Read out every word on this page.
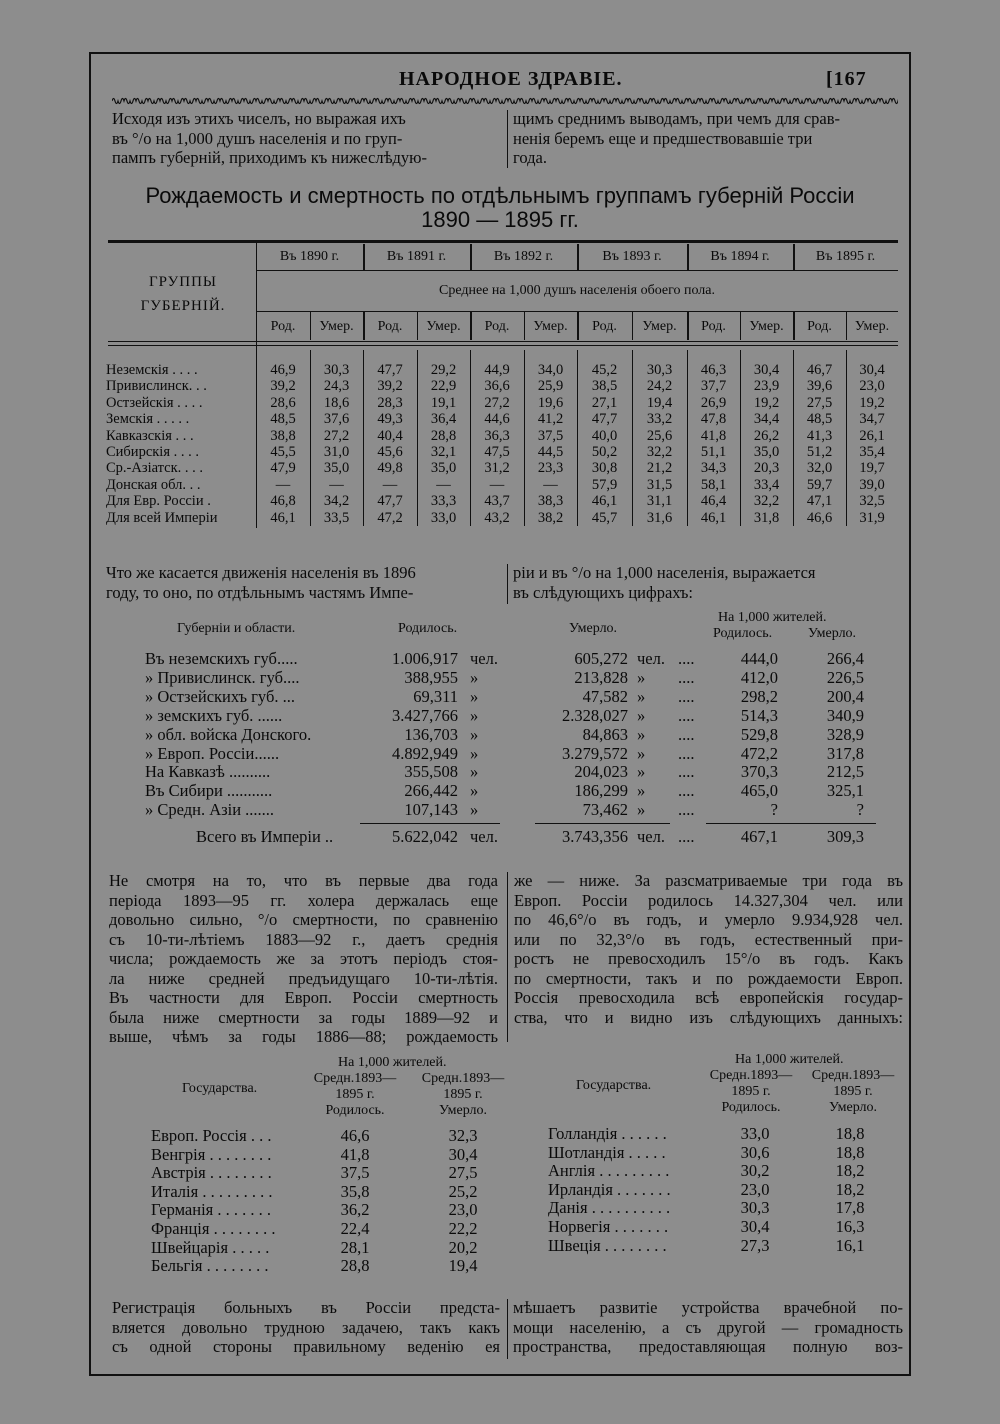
НАРОДНОЕ ЗДРАВІЕ.	[167

Исходя изъ этихъ чиселъ, но выражая ихъ

въ °/о на 1,000 душъ населенія и по груп-

пампъ губерній, приходимъ къ нижеслѣдую-

щимъ среднимъ выводамъ, при чемъ для срав-

ненія беремъ еще и предшествовавшіе три

года.

Рождаемость и смертность по отдѣльнымъ группамъ губерній Россіи
1890 — 1895 гг.
ГРУППЫ
ГУБЕРНІЙ.
Среднее на 1,000 душъ населенія обоего пола.
Въ 1890 г.
Род.	Умер.
Въ 1891 г.
Род.	Умер.
Въ 1892 г.
Род.	Умер.
Въ 1893 г.
Род.	Умер.
Въ 1894 г.
Род.	Умер.
Въ 1895 г.
Род.	Умер.
Неземскія . . . .	46,9	30,3	47,7	29,2	44,9	34,0	45,2	30,3	46,3	30,4	46,7	30,4
Привислинск. . .	39,2	24,3	39,2	22,9	36,6	25,9	38,5	24,2	37,7	23,9	39,6	23,0
Остзейскія . . . .	28,6	18,6	28,3	19,1	27,2	19,6	27,1	19,4	26,9	19,2	27,5	19,2
Земскія . . . . .	48,5	37,6	49,3	36,4	44,6	41,2	47,7	33,2	47,8	34,4	48,5	34,7
Кавказскія . . .	38,8	27,2	40,4	28,8	36,3	37,5	40,0	25,6	41,8	26,2	41,3	26,1
Сибирскія . . . .	45,5	31,0	45,6	32,1	47,5	44,5	50,2	32,2	51,1	35,0	51,2	35,4
Ср.-Азіатск. . . .	47,9	35,0	49,8	35,0	31,2	23,3	30,8	21,2	34,3	20,3	32,0	19,7
Донская обл. . .	—	—	—	—	—	—	57,9	31,5	58,1	33,4	59,7	39,0
Для Евр. Россіи .	46,8	34,2	47,7	33,3	43,7	38,3	46,1	31,1	46,4	32,2	47,1	32,5
Для всей Имперіи	46,1	33,5	47,2	33,0	43,2	38,2	45,7	31,6	46,1	31,8	46,6	31,9

Что же касается движенія населенія въ 1896

году, то оно, по отдѣльнымъ частямъ Импе-

ріи и въ °/о на 1,000 населенія, выражается

въ слѣдующихъ цифрахъ:

Губерніи и области.	Родилось.	Умерло.
На 1,000 жителей.
Родилось.	Умерло.
Въ неземскихъ губ.....	1.006,917 чел.	605,272 чел. ....	444,0	266,4
» Привислинск. губ....	388,955 »	213,828 » ....	412,0	226,5
» Остзейскихъ губ. ...	69,311 »	47,582 » ....	298,2	200,4
» земскихъ губ. ......	3.427,766 »	2.328,027 » ....	514,3	340,9
» обл. войска Донского.	136,703 »	84,863 » ....	529,8	328,9
» Европ. Россіи......	4.892,949 »	3.279,572 » ....	472,2	317,8
На Кавказѣ ..........	355,508 »	204,023 » ....	370,3	212,5
Въ Сибири ...........	266,442 »	186,299 » ....	465,0	325,1
» Средн. Азіи .......	107,143 »	73,462 » ....	?	?
Всего въ Имперіи ..	5.622,042 чел.	3.743,356 чел. ....	467,1	309,3

Не смотря на то, что въ первые два года

періода 1893—95 гг. холера держалась еще

довольно сильно, °/о смертности, по сравненію

съ 10-ти-лѣтіемъ 1883—92 г., даетъ среднія

числа; рождаемость же за этотъ періодъ стоя-

ла ниже средней предъидущаго 10-ти-лѣтія.

Въ частности для Европ. Россіи смертность

была ниже смертности за годы 1889—92 и

выше, чѣмъ за годы 1886—88; рождаемость

же — ниже. За разсматриваемые три года въ

Европ. Россіи родилось 14.327,304 чел. или

по 46,6°/о въ годъ, и умерло 9.934,928 чел.

или по 32,3°/о въ годъ, естественный при-

ростъ не превосходилъ 15°/о въ годъ. Какъ

по смертности, такъ и по рождаемости Европ.

Россія превосходила всѣ европейскія государ-

ства, что и видно изъ слѣдующихъ данныхъ:

Государства.
На 1,000 жителей.
Средн.1893—
1895 г.
Родилось.
Средн.1893—
1895 г.
Умерло.
Государства.
На 1,000 жителей.
Средн.1893—
1895 г.
Родилось.
Средн.1893—
1895 г.
Умерло.
Европ. Россія . . .	46,6	32,3
Венгрія . . . . . . . .	41,8	30,4
Австрія . . . . . . . .	37,5	27,5
Италія . . . . . . . . .	35,8	25,2
Германія . . . . . . .	36,2	23,0
Франція . . . . . . . .	22,4	22,2
Швейцарія . . . . .	28,1	20,2
Бельгія . . . . . . . .	28,8	19,4
Голландія . . . . . .	33,0	18,8
Шотландія . . . . .	30,6	18,8
Англія . . . . . . . . .	30,2	18,2
Ирландія . . . . . . .	23,0	18,2
Данія . . . . . . . . . .	30,3	17,8
Норвегія . . . . . . .	30,4	16,3
Швеція . . . . . . . .	27,3	16,1

Регистрація больныхъ въ Россіи предста-

вляется довольно трудною задачею, такъ какъ

съ одной стороны правильному веденію ея

мѣшаетъ развитіе устройства врачебной по-

мощи населенію, а съ другой — громадность

пространства, предоставляющая полную воз-
